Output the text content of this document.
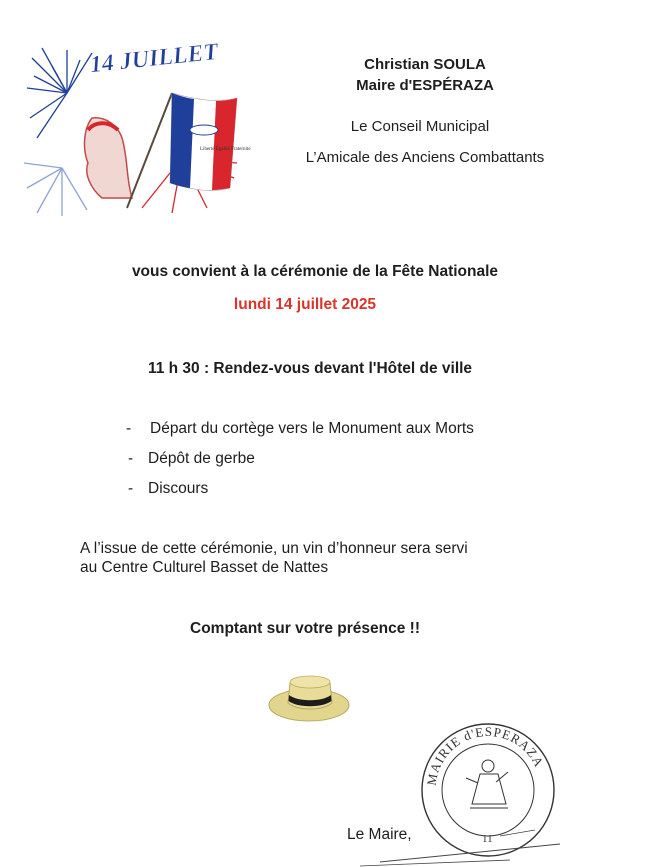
Liberté Égalité Fraternité
14 JUILLET	Christian SOULA
Maire d'ESPÉRAZA
Le Conseil Municipal
L’Amicale des Anciens Combattants
vous convient à la cérémonie de la Fête Nationale
lundi 14 juillet 2025
11 h 30 : Rendez-vous devant l'Hôtel de ville
- Départ du cortège vers le Monument aux Morts
- Dépôt de gerbe
- Discours
A l’issue de cette cérémonie, un vin d’honneur sera servi
au Centre Culturel Basset de Nattes
Comptant sur votre présence !!
MAIRIE d'ESPERAZA
11
Le Maire,
